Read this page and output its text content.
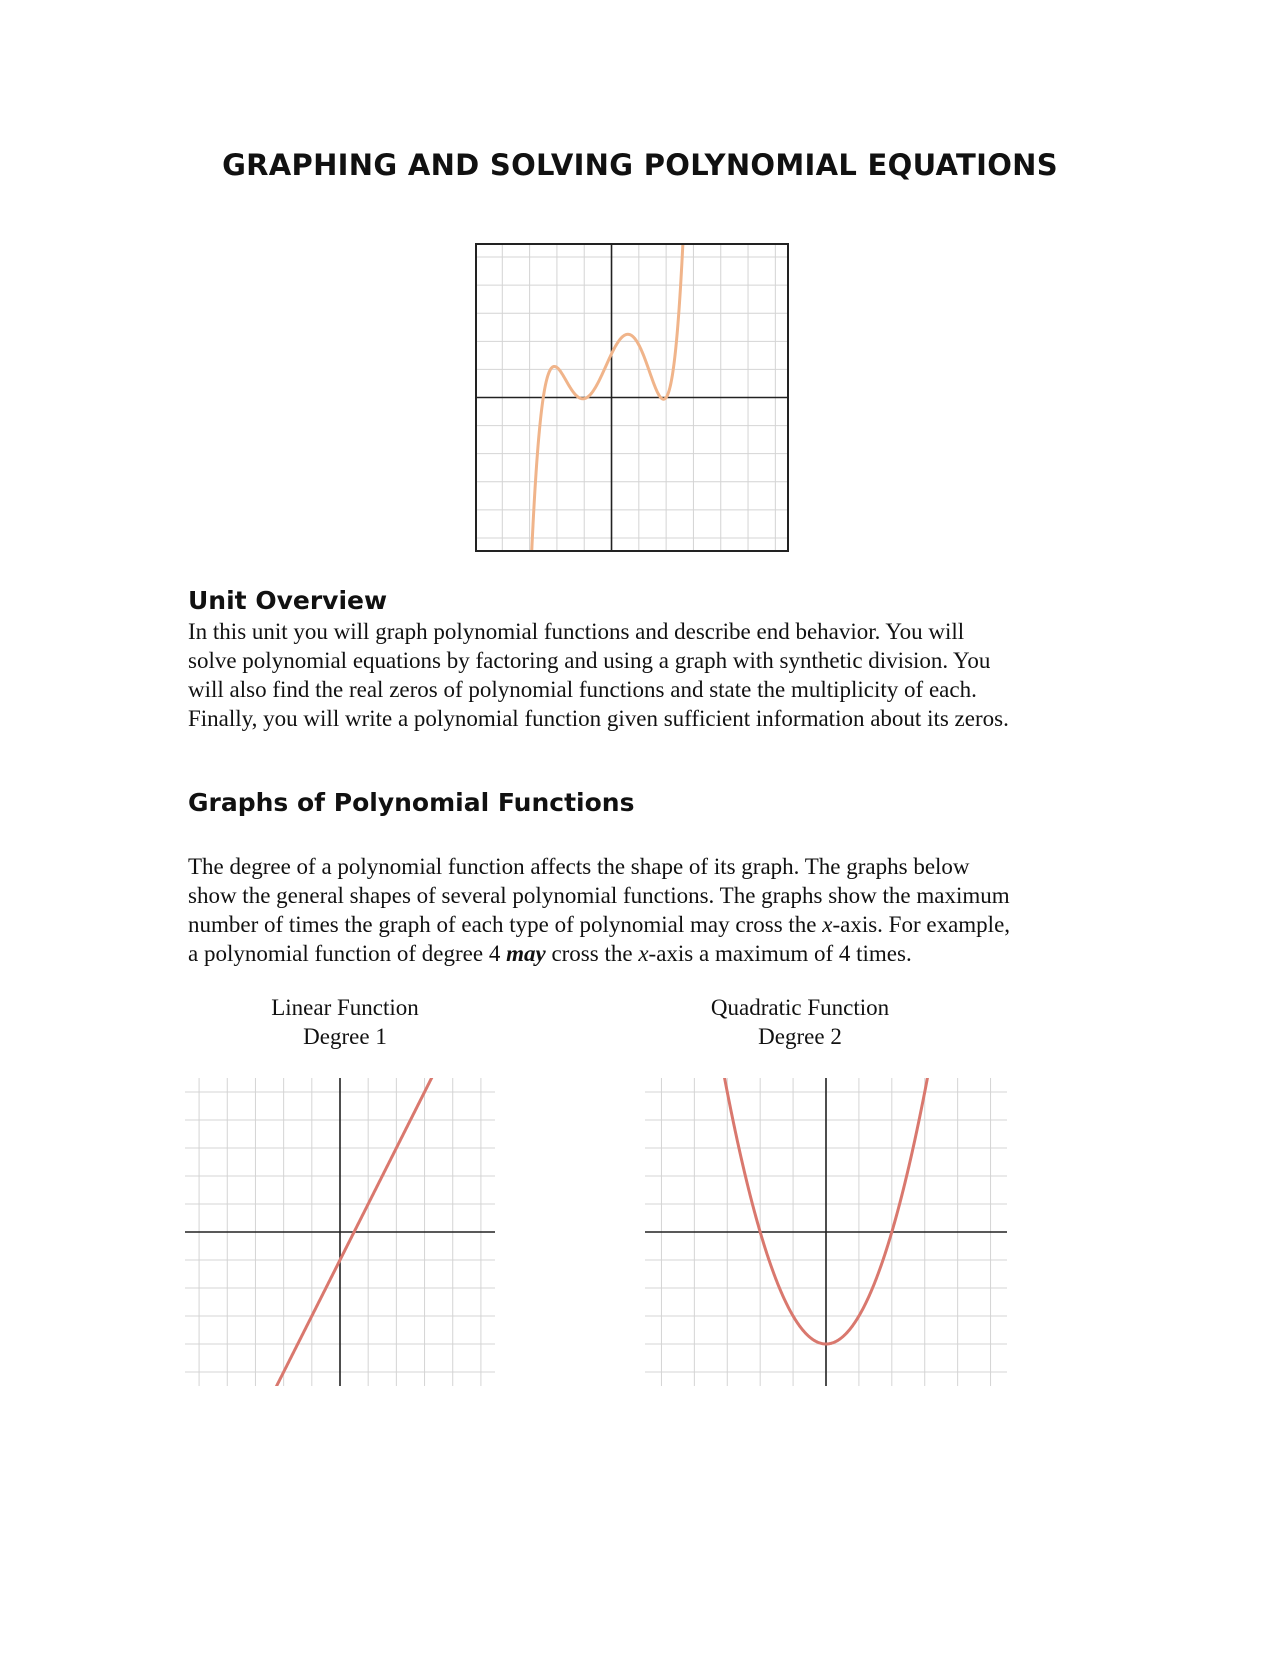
GRAPHING AND SOLVING POLYNOMIAL EQUATIONS
Unit Overview
In this unit you will graph polynomial functions and describe end behavior. You will
solve polynomial equations by factoring and using a graph with synthetic division. You
will also find the real zeros of polynomial functions and state the multiplicity of each.
Finally, you will write a polynomial function given sufficient information about its zeros.
Graphs of Polynomial Functions
The degree of a polynomial function affects the shape of its graph. The graphs below
show the general shapes of several polynomial functions. The graphs show the maximum
number of times the graph of each type of polynomial may cross the x-axis. For example,
a polynomial function of degree 4 may cross the x-axis a maximum of 4 times.
Linear Function
Degree 1
Quadratic Function
Degree 2
